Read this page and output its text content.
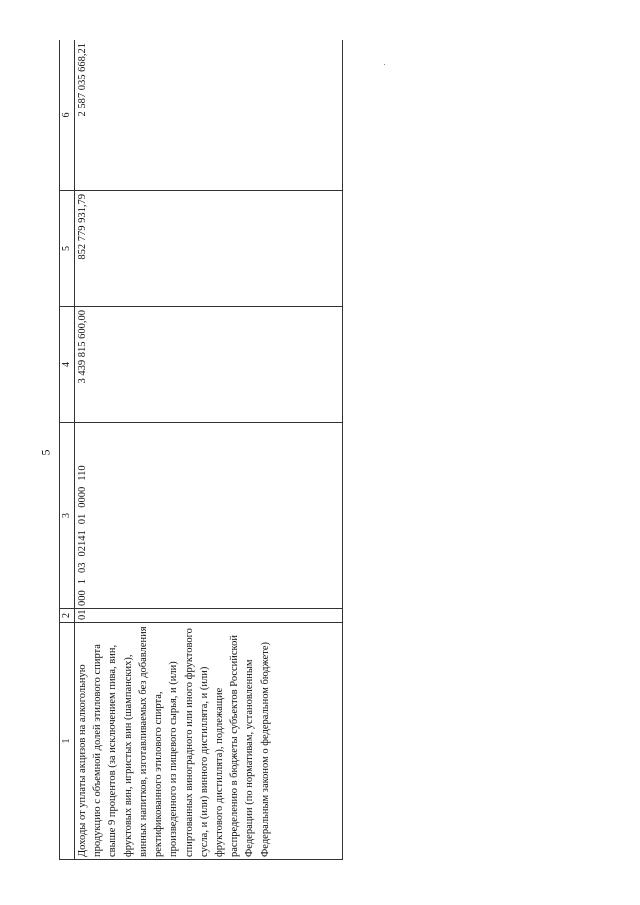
5
1	2	3	4	5	6
Доходы от уплаты акцизов на алкогольную продукцию с объемной долей этилового спирта свыше 9 процентов (за исключением пива, вин, фруктовых вин, игристых вин (шампанских), винных напитков, изготавливаемых без добавления ректификованного этилового спирта, произведенного из пищевого сырья, и (или) спиртованных виноградного или иного фруктового сусла, и (или) винного дистиллята, и (или) фруктового дистиллята), подлежащие распределению в бюджеты субъектов Российской Федерации (по нормативам, установленным Федеральным законом о федеральном бюджете)	010	00010302141010000110	3 439 815 600,00	852 779 931,79	2 587 035 668,21
